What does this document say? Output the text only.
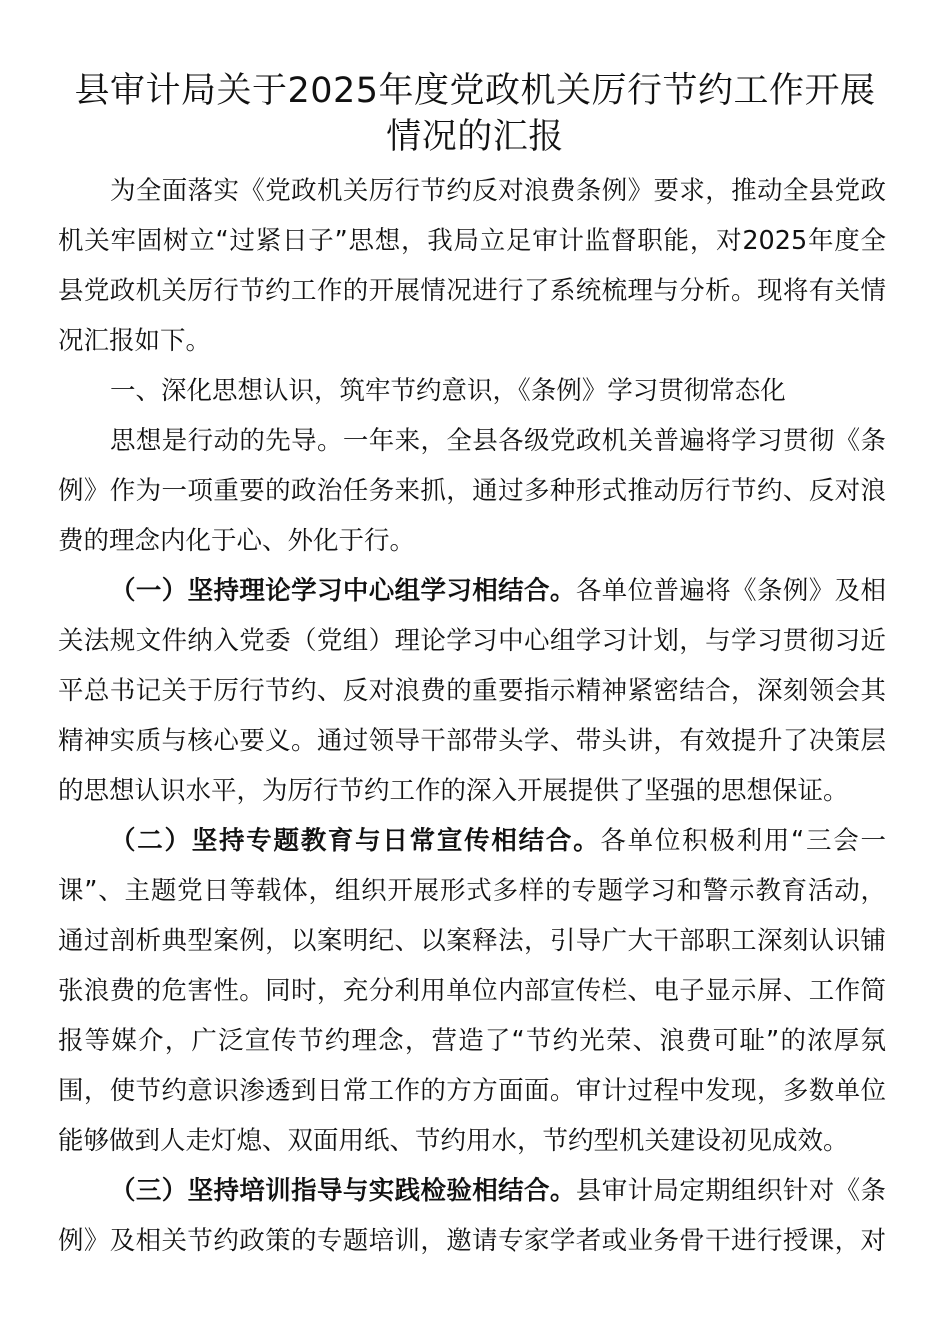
县审计局关于2025年度党政机关厉行节约工作开展
情况的汇报
为全面落实《党政机关厉行节约反对浪费条例》要求，推动全县党政
机关牢固树立“过紧日子”思想，我局立足审计监督职能，对2025年度全
县党政机关厉行节约工作的开展情况进行了系统梳理与分析。现将有关情
况汇报如下。
一、深化思想认识，筑牢节约意识，《条例》学习贯彻常态化
思想是行动的先导。一年来，全县各级党政机关普遍将学习贯彻《条
例》作为一项重要的政治任务来抓，通过多种形式推动厉行节约、反对浪
费的理念内化于心、外化于行。
（一）坚持理论学习中心组学习相结合。各单位普遍将《条例》及相
关法规文件纳入党委（党组）理论学习中心组学习计划，与学习贯彻习近
平总书记关于厉行节约、反对浪费的重要指示精神紧密结合，深刻领会其
精神实质与核心要义。通过领导干部带头学、带头讲，有效提升了决策层
的思想认识水平，为厉行节约工作的深入开展提供了坚强的思想保证。
（二）坚持专题教育与日常宣传相结合。各单位积极利用“三会一
课”、主题党日等载体，组织开展形式多样的专题学习和警示教育活动，
通过剖析典型案例，以案明纪、以案释法，引导广大干部职工深刻认识铺
张浪费的危害性。同时，充分利用单位内部宣传栏、电子显示屏、工作简
报等媒介，广泛宣传节约理念，营造了“节约光荣、浪费可耻”的浓厚氛
围，使节约意识渗透到日常工作的方方面面。审计过程中发现，多数单位
能够做到人走灯熄、双面用纸、节约用水，节约型机关建设初见成效。
（三）坚持培训指导与实践检验相结合。县审计局定期组织针对《条
例》及相关节约政策的专题培训，邀请专家学者或业务骨干进行授课，对
